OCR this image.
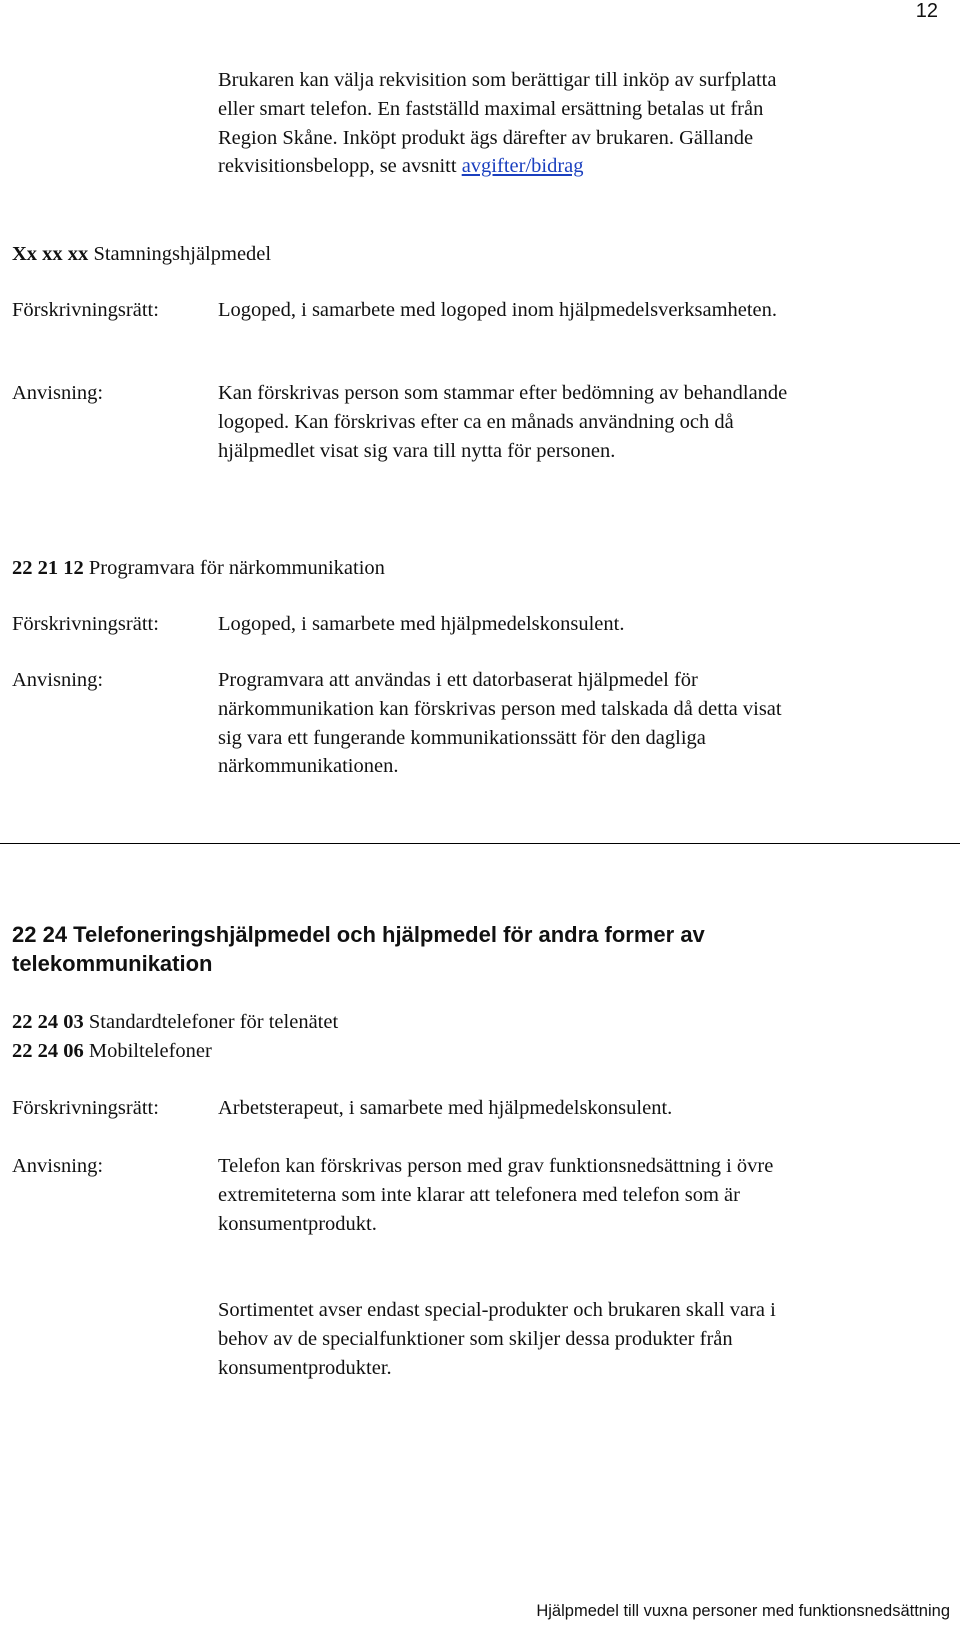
12
Brukaren kan välja rekvisition som berättigar till inköp av surfplatta eller smart telefon. En fastställd maximal ersättning betalas ut från Region Skåne. Inköpt produkt ägs därefter av brukaren. Gällande rekvisitionsbelopp, se avsnitt avgifter/bidrag
Xx xx xx Stamningshjälpmedel
Förskrivningsrätt:	Logoped, i samarbete med logoped inom hjälpmedelsverksamheten.
Anvisning:	Kan förskrivas person som stammar efter bedömning av behandlande logoped. Kan förskrivas efter ca en månads användning och då hjälpmedlet visat sig vara till nytta för personen.
22 21 12 Programvara för närkommunikation
Förskrivningsrätt:	Logoped, i samarbete med hjälpmedelskonsulent.
Anvisning:	Programvara att användas i ett datorbaserat hjälpmedel för närkommunikation kan förskrivas person med talskada då detta visat sig vara ett fungerande kommunikationssätt för den dagliga närkommunikationen.
22 24 Telefoneringshjälpmedel och hjälpmedel för andra former av telekommunikation
22 24 03 Standardtelefoner för telenätet
22 24 06 Mobiltelefoner
Förskrivningsrätt:	Arbetsterapeut, i samarbete med hjälpmedelskonsulent.
Anvisning:	Telefon kan förskrivas person med grav funktionsnedsättning i övre extremiteterna som inte klarar att telefonera med telefon som är konsumentprodukt.
Sortimentet avser endast special-produkter och brukaren skall vara i behov av de specialfunktioner som skiljer dessa produkter från konsumentprodukter.
Hjälpmedel till vuxna personer med funktionsnedsättning
